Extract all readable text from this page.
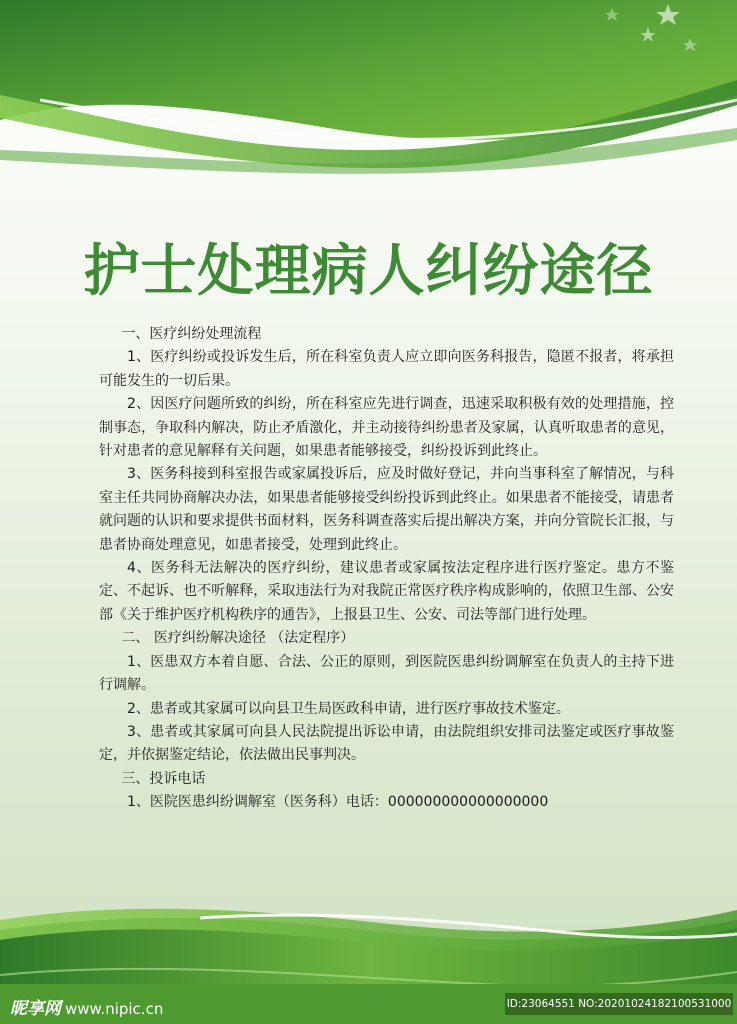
护士处理病人纠纷途径

一、医疗纠纷处理流程

1、医疗纠纷或投诉发生后，所在科室负责人应立即向医务科报告，隐匿不报者，将承担可能发生的一切后果。

2、因医疗问题所致的纠纷，所在科室应先进行调查，迅速采取积极有效的处理措施，控制事态，争取科内解决，防止矛盾激化，并主动接待纠纷患者及家属，认真听取患者的意见，针对患者的意见解释有关问题，如果患者能够接受，纠纷投诉到此终止。

3、医务科接到科室报告或家属投诉后，应及时做好登记，并向当事科室了解情况，与科室主任共同协商解决办法，如果患者能够接受纠纷投诉到此终止。如果患者不能接受，请患者就问题的认识和要求提供书面材料，医务科调查落实后提出解决方案，并向分管院长汇报，与患者协商处理意见，如患者接受，处理到此终止。

4、医务科无法解决的医疗纠纷，建议患者或家属按法定程序进行医疗鉴定。患方不鉴定、不起诉、也不听解释，采取违法行为对我院正常医疗秩序构成影响的，依照卫生部、公安部《关于维护医疗机构秩序的通告》，上报县卫生、公安、司法等部门进行处理。

二、 医疗纠纷解决途径 （法定程序）

1、医患双方本着自愿、合法、公正的原则，到医院医患纠纷调解室在负责人的主持下进行调解。

2、患者或其家属可以向县卫生局医政科申请，进行医疗事故技术鉴定。

3、患者或其家属可向县人民法院提出诉讼申请，由法院组织安排司法鉴定或医疗事故鉴定，并依据鉴定结论，依法做出民事判决。

三、投诉电话

1、医院医患纠纷调解室（医务科）电话：000000000000000000

昵享网 www.nipic.cn	ID:23064551 NO:20201024182100531000
